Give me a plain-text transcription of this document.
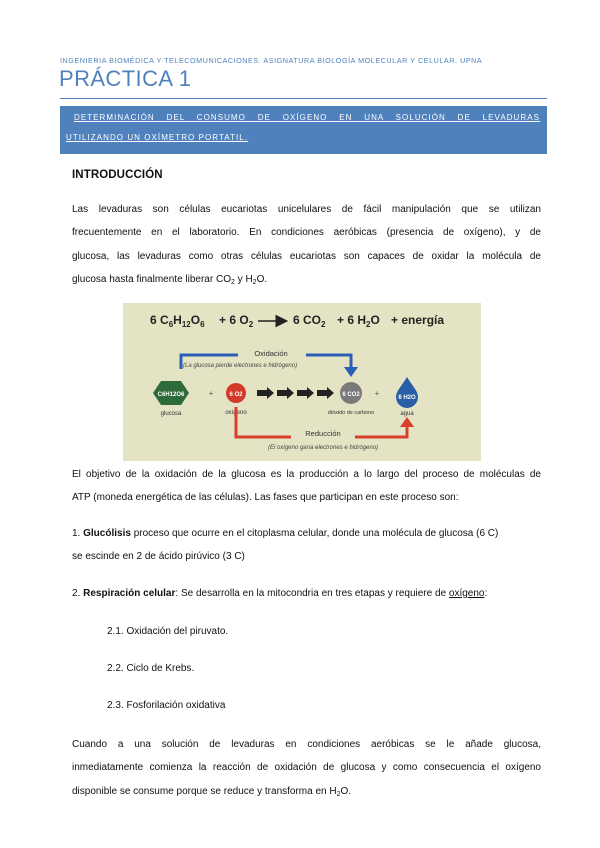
INGENIERIA BIOMÉDICA Y TELECOMUNICACIONES. ASIGNATURA BIOLOGÍA MOLECULAR Y CELULAR. UPNA
PRÁCTICA 1
DETERMINACIÓN DEL CONSUMO DE OXÍGENO EN UNA SOLUCIÓN DE LEVADURAS
UTILIZANDO UN OXÍMETRO PORTATIL.
INTRODUCCIÓN
Las levaduras son células eucariotas unicelulares de fácil manipulación que se utilizan
frecuentemente en el laboratorio. En condiciones aeróbicas (presencia de oxígeno), y de
glucosa, las levaduras como otras células eucariotas son capaces de oxidar la molécula de
glucosa hasta finalmente liberar $CO_2$ y $H_2O$.
6 $C_6H_{12}O_6 + 6$ $O_2$	6 $CO_2 + 6$ $H_2O$ + energía
Oxidación
(La glucosa pierde electrones e hidrógeno)
C6H12O6
glucosa
+	6 O2
oxígeno
6 CO2
dióxido de carbono
+	6 H2O
agua
Reducción
(El oxígeno gana electrones e hidrógeno)
El objetivo de la oxidación de la glucosa es la producción a lo largo del proceso de moléculas de
ATP (moneda energética de las células). Las fases que participan en este proceso son:
1. Glucólisis proceso que ocurre en el citoplasma celular, donde una molécula de glucosa (6 C)
se escinde en 2 de ácido pirúvico (3 C)
2. Respiración celular: Se desarrolla en la mitocondria en tres etapas y requiere de oxígeno:
2.1. Oxidación del piruvato.
2.2. Ciclo de Krebs.
2.3. Fosforilación oxidativa
Cuando a una solución de levaduras en condiciones aeróbicas se le añade glucosa,
inmediatamente comienza la reacción de oxidación de glucosa y como consecuencia el oxígeno
disponible se consume porque se reduce y transforma en $H_2O$.
